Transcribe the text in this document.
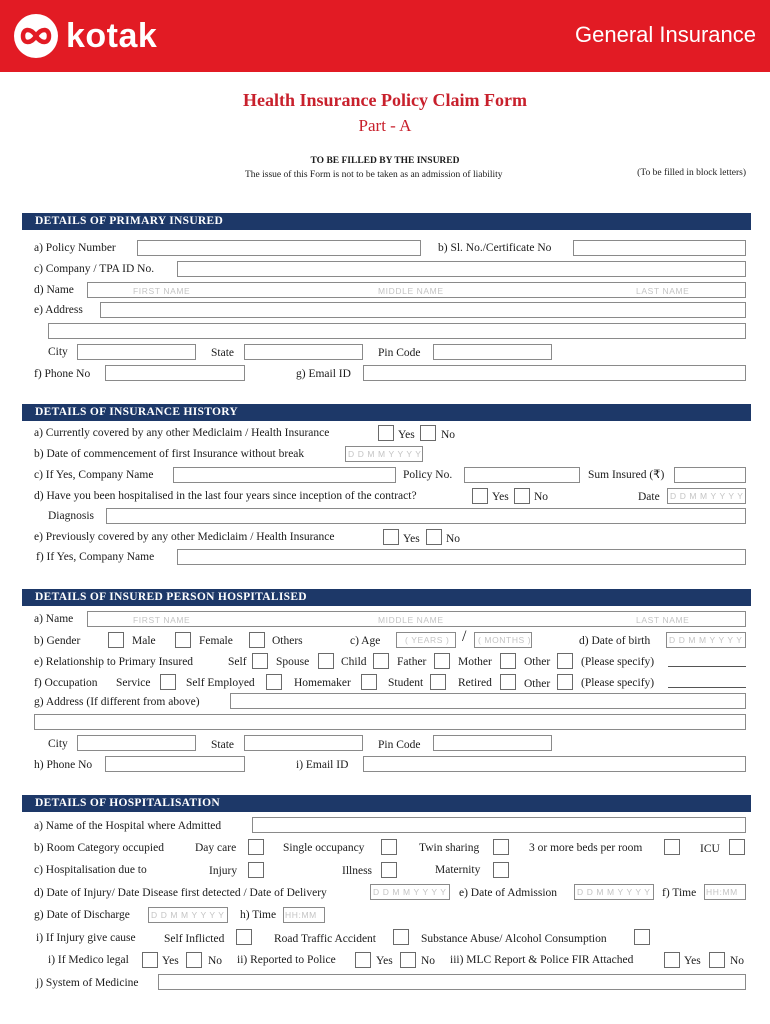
kotak	General Insurance
Health Insurance Policy Claim Form
Part - A
TO BE FILLED BY THE INSURED
The issue of this Form is not to be taken as an admission of liability	(To be filled in block letters)
DETAILS OF PRIMARY INSURED
a) Policy Number	b) Sl. No./Certificate No
c) Company / TPA ID No.
d) Name	FIRST NAME	MIDDLE NAME	LAST NAME
e) Address
City	State	Pin Code
f) Phone No	g) Email ID
DETAILS OF INSURANCE HISTORY
a) Currently covered by any other Mediclaim / Health Insurance	Yes No
b) Date of commencement of first Insurance without break	D D M M Y Y Y Y
c) If Yes, Company Name	Policy No.	Sum Insured (₹)
d) Have you been hospitalised in the last four years since inception of the contract?	Yes No	Date D D M M Y Y Y Y
Diagnosis
e) Previously covered by any other Mediclaim / Health Insurance	Yes No
f) If Yes, Company Name
DETAILS OF INSURED PERSON HOSPITALISED
a) Name	FIRST NAME	MIDDLE NAME	LAST NAME
b) Gender	Male	Female	Others	c) Age	( YEARS ) / ( MONTHS )	d) Date of birth D D M M Y Y Y Y
e) Relationship to Primary Insured	Self	Spouse	Child	Father	Mother	Other	(Please specify)
f) Occupation Service	Self Employed	Homemaker	Student	Retired	Other	(Please specify)
g) Address (If different from above)
City	State	Pin Code
h) Phone No	i) Email ID
DETAILS OF HOSPITALISATION
a) Name of the Hospital where Admitted
b) Room Category occupied	Day care	Single occupancy	Twin sharing	3 or more beds per room	ICU
c) Hospitalisation due to	Injury	Illness	Maternity
d) Date of Injury/ Date Disease first detected / Date of Delivery	D D M M Y Y Y Y e) Date of Admission D D M M Y Y Y Y f) Time HH:MM
g) Date of Discharge D D M M Y Y Y Y h) Time HH:MM
i) If Injury give cause Self Inflicted	Road Traffic Accident	Substance Abuse/ Alcohol Consumption
i) If Medico legal	Yes	No ii) Reported to Police	Yes No iii) MLC Report & Police FIR Attached	Yes	No
j) System of Medicine
